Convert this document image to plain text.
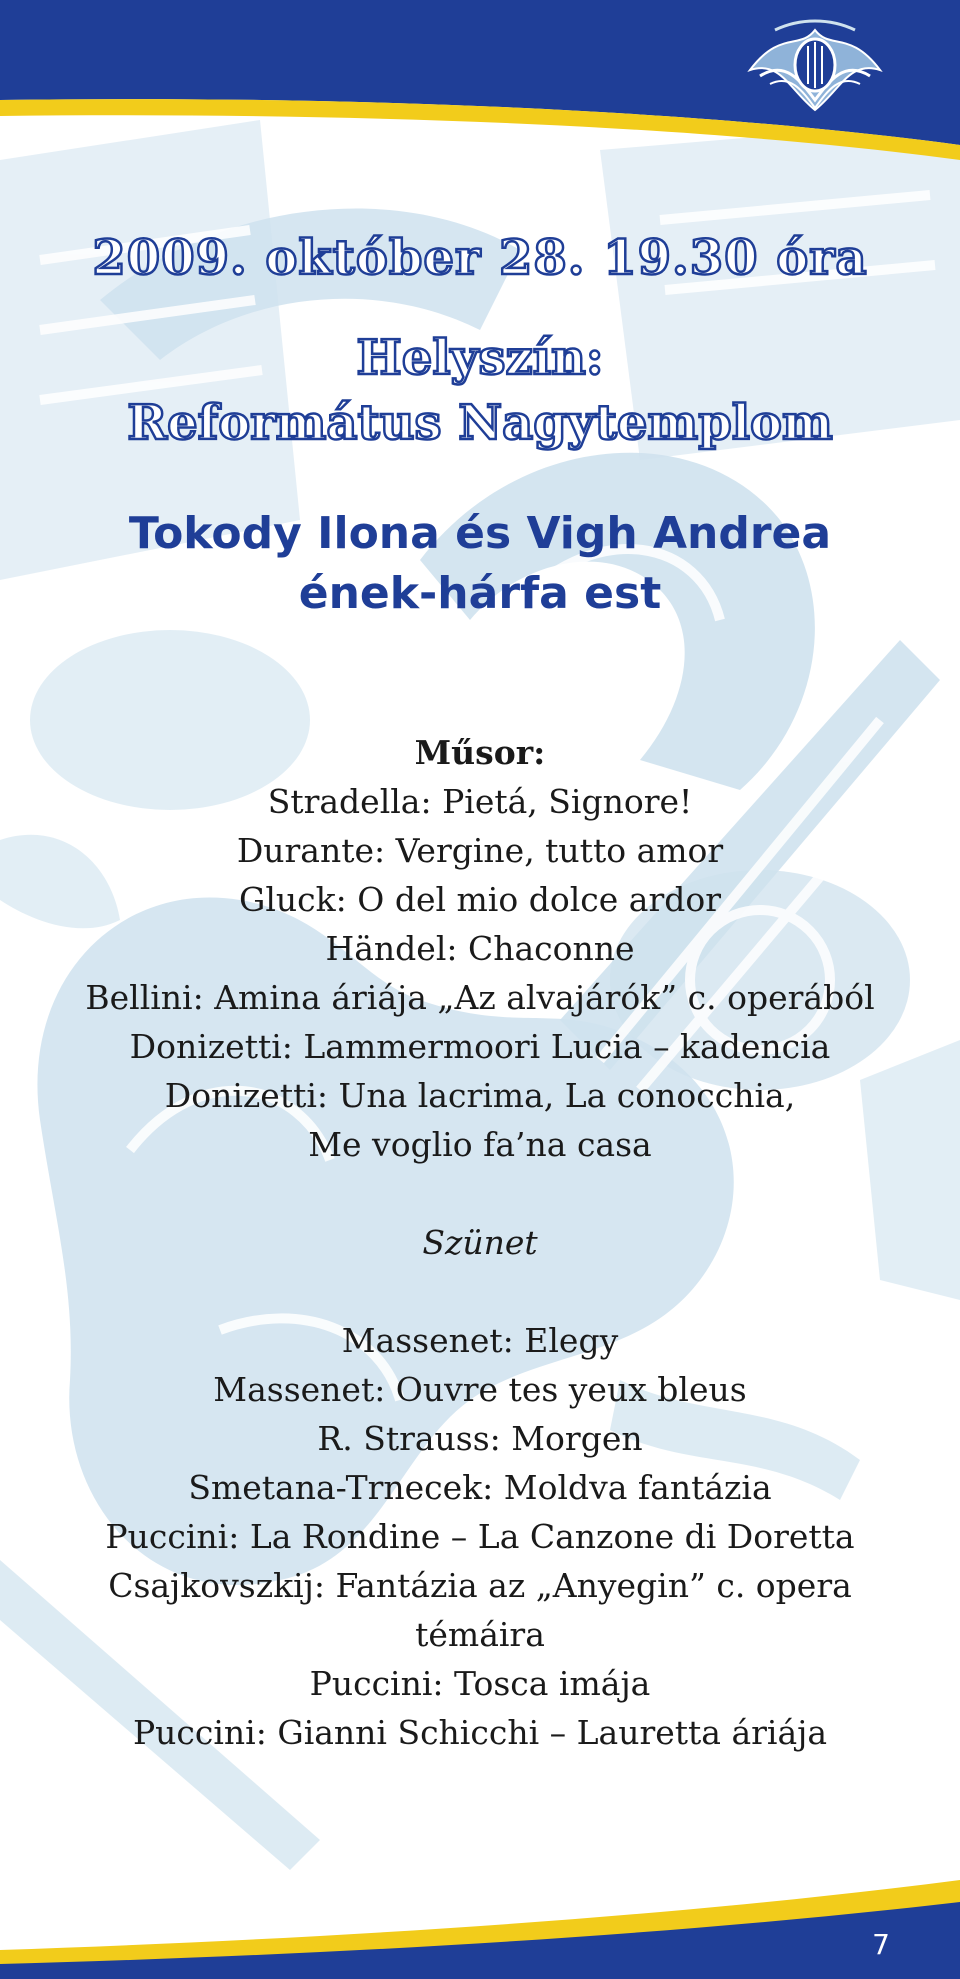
7
2009. október 28. 19.30 óra
Helyszín:
Református Nagytemplom
Tokody Ilona és Vigh Andrea
ének-hárfa est
Műsor:
Stradella: Pietá, Signore!
Durante: Vergine, tutto amor
Gluck: O del mio dolce ardor
Händel: Chaconne
Bellini: Amina áriája „Az alvajárók” c. operából
Donizetti: Lammermoori Lucia – kadencia
Donizetti: Una lacrima, La conocchia,
Me voglio fa’na casa
Szünet
Massenet: Elegy
Massenet: Ouvre tes yeux bleus
R. Strauss: Morgen
Smetana-Trnecek: Moldva fantázia
Puccini: La Rondine – La Canzone di Doretta
Csajkovszkij: Fantázia az „Anyegin” c. opera
témáira
Puccini: Tosca imája
Puccini: Gianni Schicchi – Lauretta áriája
